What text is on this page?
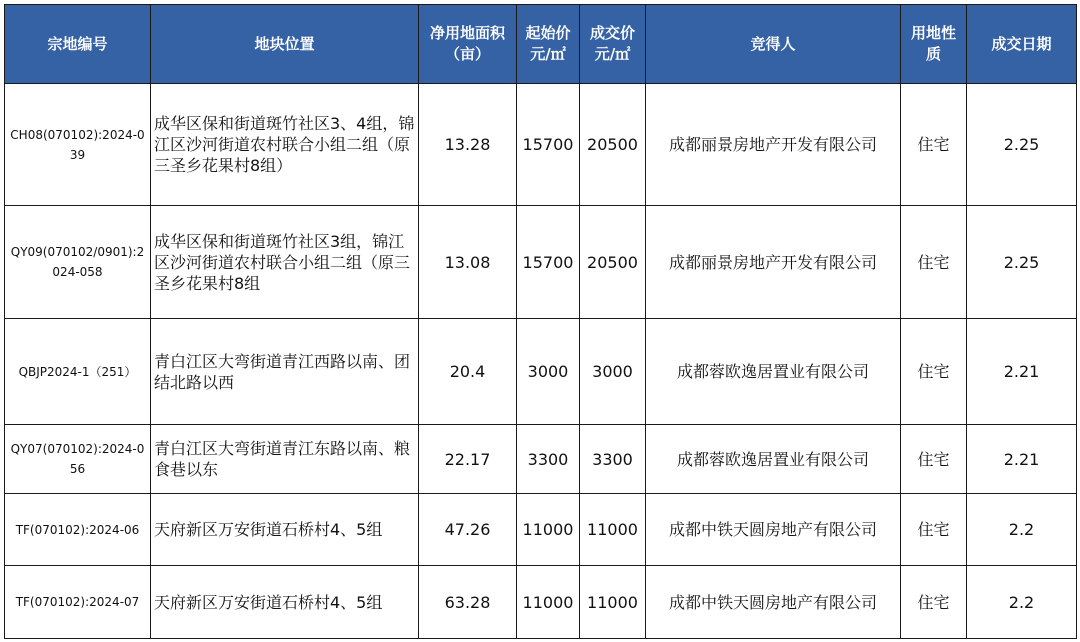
宗地编号	地块位置	净用地面积（亩）	起始价 元/㎡	成交价 元/㎡	竞得人	用地性质	成交日期
CH08(070102):2024-039	成华区保和街道斑竹社区3、4组，锦江区沙河街道农村联合小组二组（原三圣乡花果村8组）	13.28	15700	20500	成都丽景房地产开发有限公司	住宅	2.25
QY09(070102/0901):2024-058	成华区保和街道斑竹社区3组，锦江区沙河街道农村联合小组二组（原三圣乡花果村8组	13.08	15700	20500	成都丽景房地产开发有限公司	住宅	2.25
QBJP2024-1（251）	青白江区大弯街道青江西路以南、团结北路以西	20.4	3000	3000	成都蓉欧逸居置业有限公司	住宅	2.21
QY07(070102):2024-056	青白江区大弯街道青江东路以南、粮食巷以东	22.17	3300	3300	成都蓉欧逸居置业有限公司	住宅	2.21
TF(070102):2024-06	天府新区万安街道石桥村4、5组	47.26	11000	11000	成都中铁天圆房地产有限公司	住宅	2.2
TF(070102):2024-07	天府新区万安街道石桥村4、5组	63.28	11000	11000	成都中铁天圆房地产有限公司	住宅	2.2
